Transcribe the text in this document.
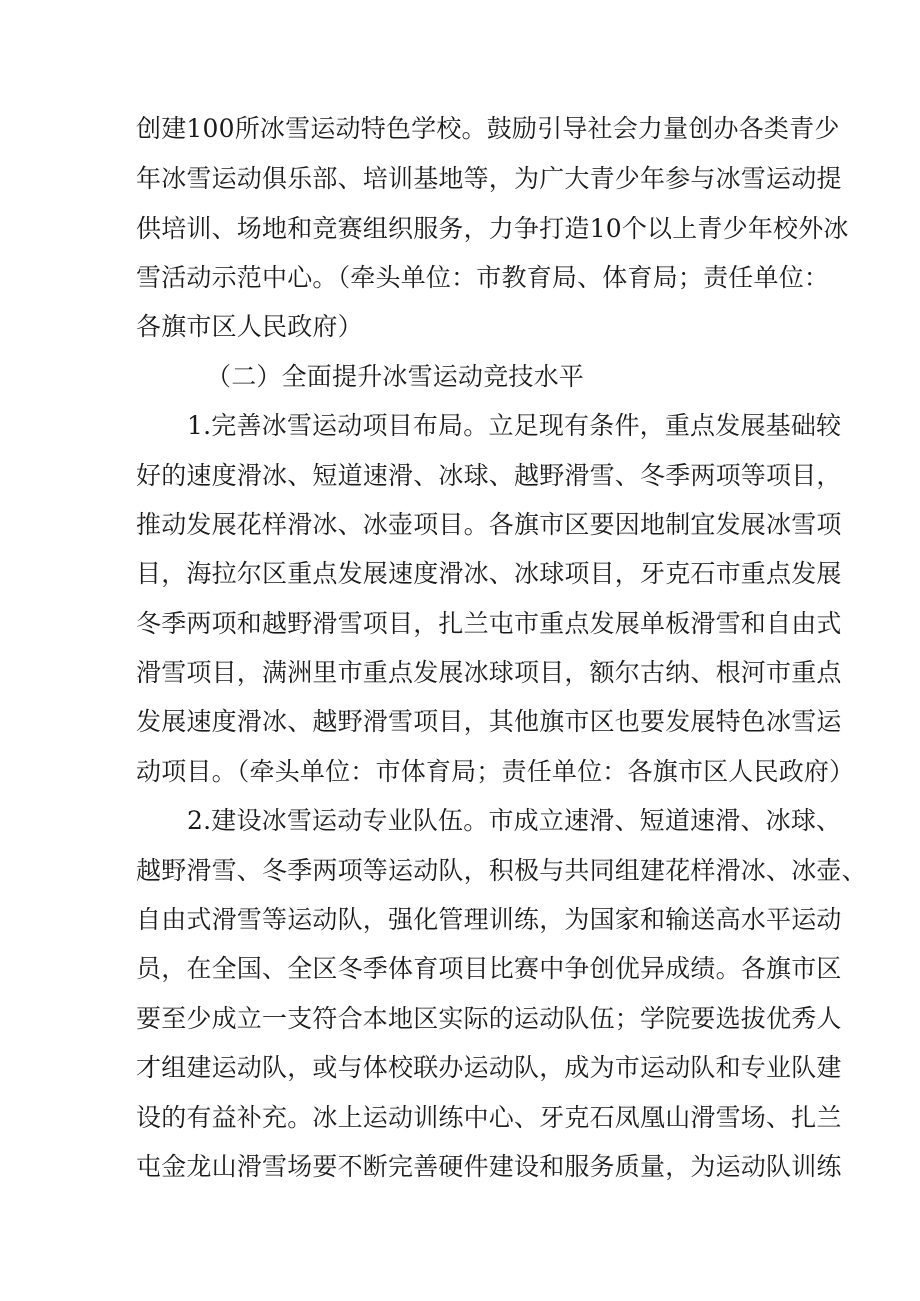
创建100所冰雪运动特色学校。鼓励引导社会力量创办各类青少
年冰雪运动俱乐部、培训基地等，为广大青少年参与冰雪运动提
供培训、场地和竞赛组织服务，力争打造10个以上青少年校外冰
雪活动示范中心。（牵头单位：市教育局、体育局；责任单位：
各旗市区人民政府）
（二）全面提升冰雪运动竞技水平
1.完善冰雪运动项目布局。立足现有条件，重点发展基础较
好的速度滑冰、短道速滑、冰球、越野滑雪、冬季两项等项目，
推动发展花样滑冰、冰壶项目。各旗市区要因地制宜发展冰雪项
目，海拉尔区重点发展速度滑冰、冰球项目，牙克石市重点发展
冬季两项和越野滑雪项目，扎兰屯市重点发展单板滑雪和自由式
滑雪项目，满洲里市重点发展冰球项目，额尔古纳、根河市重点
发展速度滑冰、越野滑雪项目，其他旗市区也要发展特色冰雪运
动项目。（牵头单位：市体育局；责任单位：各旗市区人民政府）
2.建设冰雪运动专业队伍。市成立速滑、短道速滑、冰球、
越野滑雪、冬季两项等运动队，积极与共同组建花样滑冰、冰壶、
自由式滑雪等运动队，强化管理训练，为国家和输送高水平运动
员，在全国、全区冬季体育项目比赛中争创优异成绩。各旗市区
要至少成立一支符合本地区实际的运动队伍；学院要选拔优秀人
才组建运动队，或与体校联办运动队，成为市运动队和专业队建
设的有益补充。冰上运动训练中心、牙克石凤凰山滑雪场、扎兰
屯金龙山滑雪场要不断完善硬件建设和服务质量，为运动队训练
